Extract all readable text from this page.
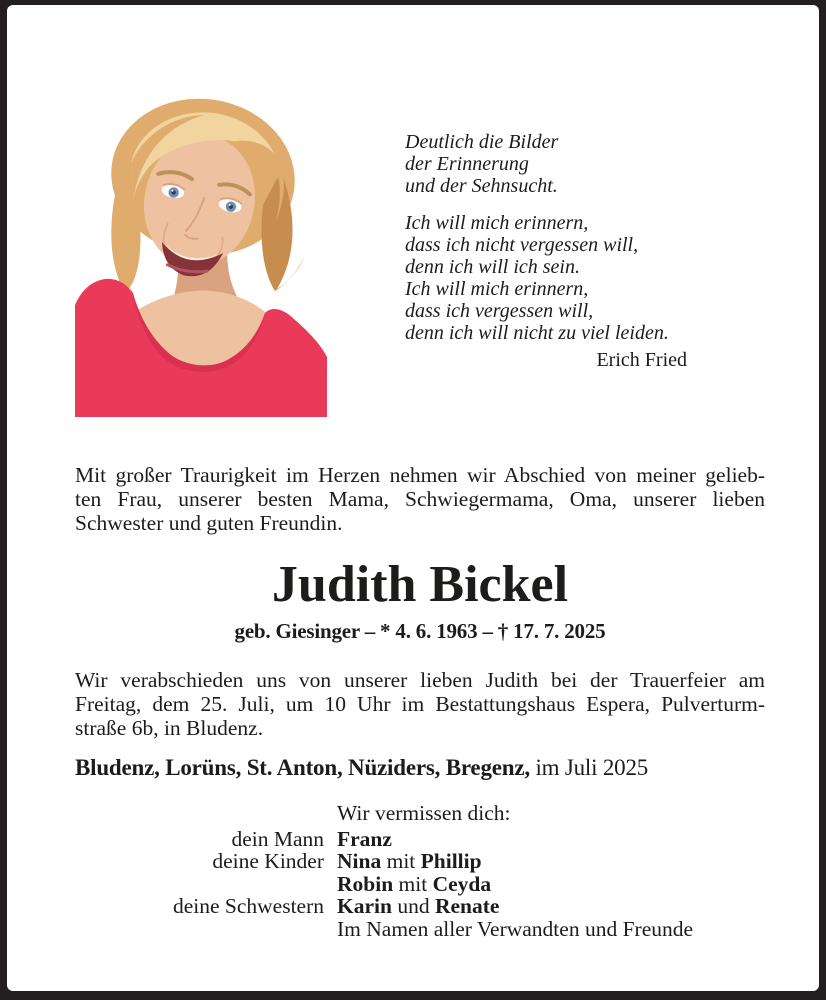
Deutlich die Bilder
der Erinnerung
und der Sehnsucht.
Ich will mich erinnern,
dass ich nicht vergessen will,
denn ich will ich sein.
Ich will mich erinnern,
dass ich vergessen will,
denn ich will nicht zu viel leiden.
Erich Fried
Mit großer Traurigkeit im Herzen nehmen wir Abschied von meiner gelieb-
ten Frau, unserer besten Mama, Schwiegermama, Oma, unserer lieben
Schwester und guten Freundin.
Judith Bickel
geb. Giesinger – * 4. 6. 1963 – † 17. 7. 2025
Wir verabschieden uns von unserer lieben Judith bei der Trauerfeier am
Freitag, dem 25. Juli, um 10 Uhr im Bestattungshaus Espera, Pulverturm-
straße 6b, in Bludenz.
Bludenz, Lorüns, St. Anton, Nüziders, Bregenz, im Juli 2025
Wir vermissen dich:
dein Mann Franz
deine Kinder Nina mit Phillip
Robin mit Ceyda
deine Schwestern Karin und Renate
Im Namen aller Verwandten und Freunde
